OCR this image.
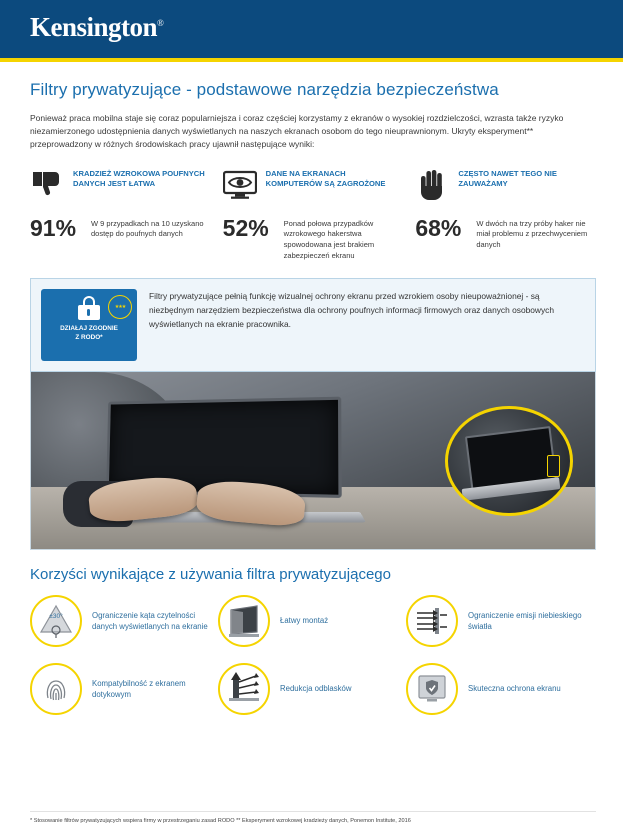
Kensington®
Filtry prywatyzujące - podstawowe narzędzia bezpieczeństwa

Ponieważ praca mobilna staje się coraz popularniejsza i coraz częściej korzystamy z ekranów o wysokiej rozdzielczości, wzrasta także ryzyko niezamierzonego udostępnienia danych wyświetlanych na naszych ekranach osobom do tego nieuprawnionym. Ukryty eksperyment** przeprowadzony w różnych środowiskach pracy ujawnił następujące wyniki:

KRADZIEŻ WZROKOWA POUFNYCH DANYCH JEST ŁATWA
91%	W 9 przypadkach na 10 uzyskano dostęp do poufnych danych
DANE NA EKRANACH KOMPUTERÓW SĄ ZAGROŻONE
52%	Ponad połowa przypadków wzrokowego hakerstwa spowodowana jest brakiem zabezpieczeń ekranu
CZĘSTO NAWET TEGO NIE ZAUWAŻAMY
68%	W dwóch na trzy próby haker nie miał problemu z przechwyceniem danych
★★★
DZIAŁAJ ZGODNIE
Z RODO*
Filtry prywatyzujące pełnią funkcję wizualnej ochrony ekranu przed wzrokiem osoby nieupoważnionej - są niezbędnym narzędziem bezpieczeństwa dla ochrony poufnych informacji firmowych oraz danych osobowych wyświetlanych na ekranie pracownika.
Korzyści wynikające z używania filtra prywatyzującego
±30°	Ograniczenie kąta czytelności danych wyświetlanych na ekranie
Łatwy montaż
Ograniczenie emisji niebieskiego światła
Kompatybilność z ekranem dotykowym
Redukcja odblasków	Skuteczna ochrona ekranu
* Stosowanie filtrów prywatyzujących wspiera firmy w przestrzeganiu zasad RODO ** Eksperyment wzrokowej kradzieży danych, Ponemon Institute, 2016
